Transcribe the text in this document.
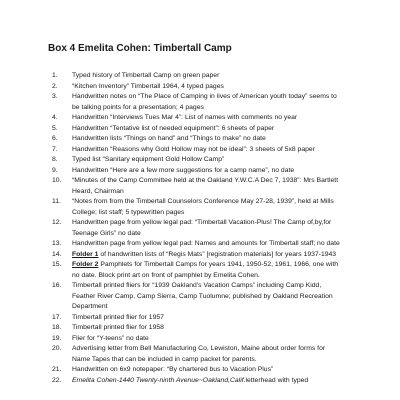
Box 4 Emelita Cohen: Timbertall Camp
1.	Typed history of Timbertall Camp on green paper
2.	“Kitchen Inventory” Timbertall 1964, 4 typed pages
3.	Handwritten notes on “The Place of Camping in lives of American youth today” seems to be talking points for a presentation; 4 pages
4.	Handwritten “Interviews Tues Mar 4”: List of names with comments no year
5.	Handwritten “Tentative list of needed equipment”: 6 sheets of paper
6.	Handwritten lists “Things on hand” and “Things to make” no date
7.	Handwritten “Reasons why Gold Hollow may not be ideal”: 3 sheets of 5x8 paper
8.	Typed list “Sanitary equipment Gold Hollow Camp”
9.	Handwritten “Here are a few more suggestions for a camp name”, no date
10.	“Minutes of the Camp Committee held at the Oakland Y.W.C.A Dec 7, 1938”: Mrs Bartlett Heard, Chairman
11.	“Notes from from the Timbertall Counselors Conference May 27-28, 1939”, held at Mills College; list staff; 5 typewritten pages
12.	Handwritten page from yellow legal pad: “Timbertall Vacation-Plus! The Camp of,by,for Teenage Girls” no date
13.	Handwritten page from yellow legal pad: Names and amounts for Timbertall staff; no date
14.	Folder 1 of handwritten lists of “Regis Mats” [registration materials] for years 1937-1943
15.	Folder 2 Pamphlets for Timbertall Camps for years 1941, 1950-52, 1961, 1966, one with no date. Block print art on front of pamphlet by Emelita Cohen.
16.	Timbertall printed fliers for “1939 Oakland’s Vacation Camps” including Camp Kidd, Feather River Camp, Camp Sierra, Camp Tuolumne; published by Oakland Recreation Department
17.	Timbertall printed flier for 1957
18.	Timbertall printed flier for 1958
19.	Flier for “Y-teens” no date
20.	Advertising letter from Bell Manufacturing Co, Lewiston, Maine about order forms for Name Tapes that can be included in camp packet for parents.
21.	Handwritten on 6x9 notepaper: “By chartered bus to Vacation Plus”
22.	Emelita Cohen-1440 Twenty-ninth Avenue~Oakland,Calif.letterhead with typed
